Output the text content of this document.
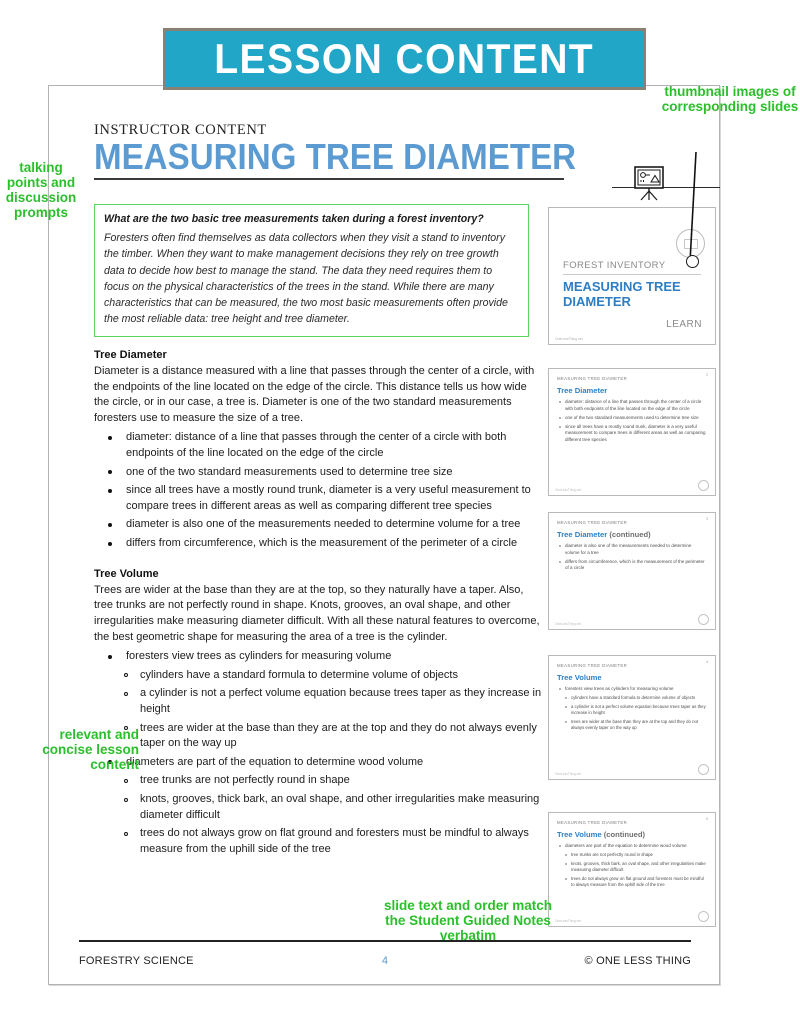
INSTRUCTOR CONTENT
MEASURING TREE DIAMETER
What are the two basic tree measurements taken during a forest inventory?
Foresters often find themselves as data collectors when they visit a stand to inventory the timber. When they want to make management decisions they rely on tree growth data to decide how best to manage the stand. The data they need requires them to focus on the physical characteristics of the trees in the stand. While there are many characteristics that can be measured, the two most basic measurements often provide the most reliable data: tree height and tree diameter.
Tree Diameter

Diameter is a distance measured with a line that passes through the center of a circle, with the endpoints of the line located on the edge of the circle. This distance tells us how wide the circle, or in our case, a tree is. Diameter is one of the two standard measurements foresters use to measure the size of a tree.

diameter: distance of a line that passes through the center of a circle with both endpoints of the line located on the edge of the circle
one of the two standard measurements used to determine tree size
since all trees have a mostly round trunk, diameter is a very useful measurement to compare trees in different areas as well as comparing different tree species
diameter is also one of the measurements needed to determine volume for a tree
differs from circumference, which is the measurement of the perimeter of a circle
Tree Volume

Trees are wider at the base than they are at the top, so they naturally have a taper. Also, tree trunks are not perfectly round in shape. Knots, grooves, an oval shape, and other irregularities make measuring diameter difficult. With all these natural features to overcome, the best geometric shape for measuring the area of a tree is the cylinder.

foresters view trees as cylinders for measuring volume
cylinders have a standard formula to determine volume of objects
a cylinder is not a perfect volume equation because trees taper as they increase in height
trees are wider at the base than they are at the top and they do not always evenly taper on the way up
diameters are part of the equation to determine wood volume
tree trunks are not perfectly round in shape
knots, grooves, thick bark, an oval shape, and other irregularities make measuring diameter difficult
trees do not always grow on flat ground and foresters must be mindful to always measure from the uphill side of the tree
FORESTRY SCIENCE	4	© ONE LESS THING
LESSON CONTENT
FOREST INVENTORY
MEASURING TREE DIAMETER
LEARN
OneLessThing.net
MEASURING TREE DIAMETER
2
Tree Diameter
diameter: distance of a line that passes through the center of a circle with both endpoints of the line located on the edge of the circle
one of the two standard measurements used to determine tree size
since all trees have a mostly round trunk, diameter is a very useful measurement to compare trees in different areas as well as comparing different tree species
OneLessThing.net
MEASURING TREE DIAMETER
3
Tree Diameter (continued)
diameter is also one of the measurements needed to determine volume for a tree
differs from circumference, which is the measurement of the perimeter of a circle
OneLessThing.net
MEASURING TREE DIAMETER
4
Tree Volume
foresters view trees as cylinders for measuring volume
cylinders have a standard formula to determine volume of objects
a cylinder is not a perfect volume equation because trees taper as they increase in height
trees are wider at the base than they are at the top and they do not always evenly taper on the way up
OneLessThing.net
MEASURING TREE DIAMETER
5
Tree Volume (continued)
diameters are part of the equation to determine wood volume
tree trunks are not perfectly round in shape
knots, grooves, thick bark, an oval shape, and other irregularities make measuring diameter difficult
trees do not always grow on flat ground and foresters must be mindful to always measure from the uphill side of the tree
OneLessThing.net
talking points and discussion prompts
thumbnail images of corresponding slides
relevant and concise lesson content
slide text and order match the Student Guided Notes verbatim
